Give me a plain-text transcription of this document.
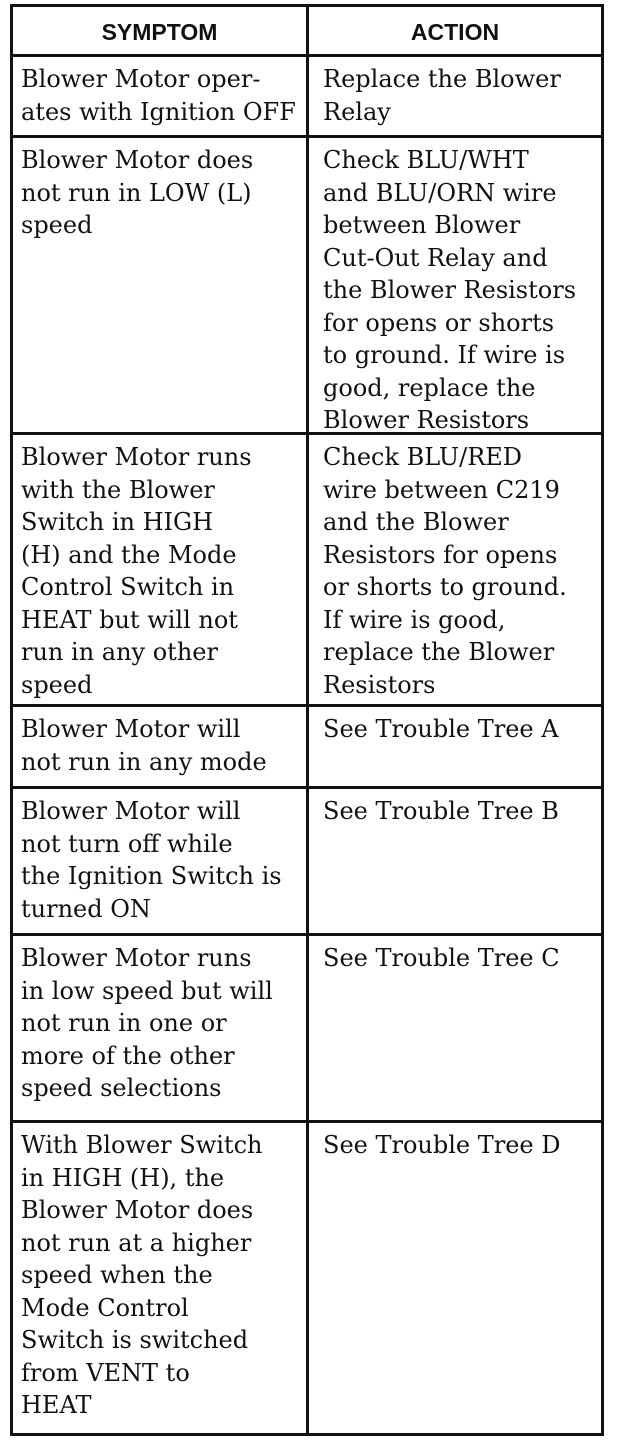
SYMPTOM	ACTION
Blower Motor oper-
ates with Ignition OFF
Replace the Blower
Relay
Blower Motor does
not run in LOW (L)
speed
Check BLU/WHT
and BLU/ORN wire
between Blower
Cut-Out Relay and
the Blower Resistors
for opens or shorts
to ground. If wire is
good, replace the
Blower Resistors
Blower Motor runs
with the Blower
Switch in HIGH
(H) and the Mode
Control Switch in
HEAT but will not
run in any other
speed
Check BLU/RED
wire between C219
and the Blower
Resistors for opens
or shorts to ground.
If wire is good,
replace the Blower
Resistors
Blower Motor will
not run in any mode
See Trouble Tree A
Blower Motor will
not turn off while
the Ignition Switch is
turned ON
See Trouble Tree B
Blower Motor runs
in low speed but will
not run in one or
more of the other
speed selections
See Trouble Tree C
With Blower Switch
in HIGH (H), the
Blower Motor does
not run at a higher
speed when the
Mode Control
Switch is switched
from VENT to
HEAT
See Trouble Tree D
